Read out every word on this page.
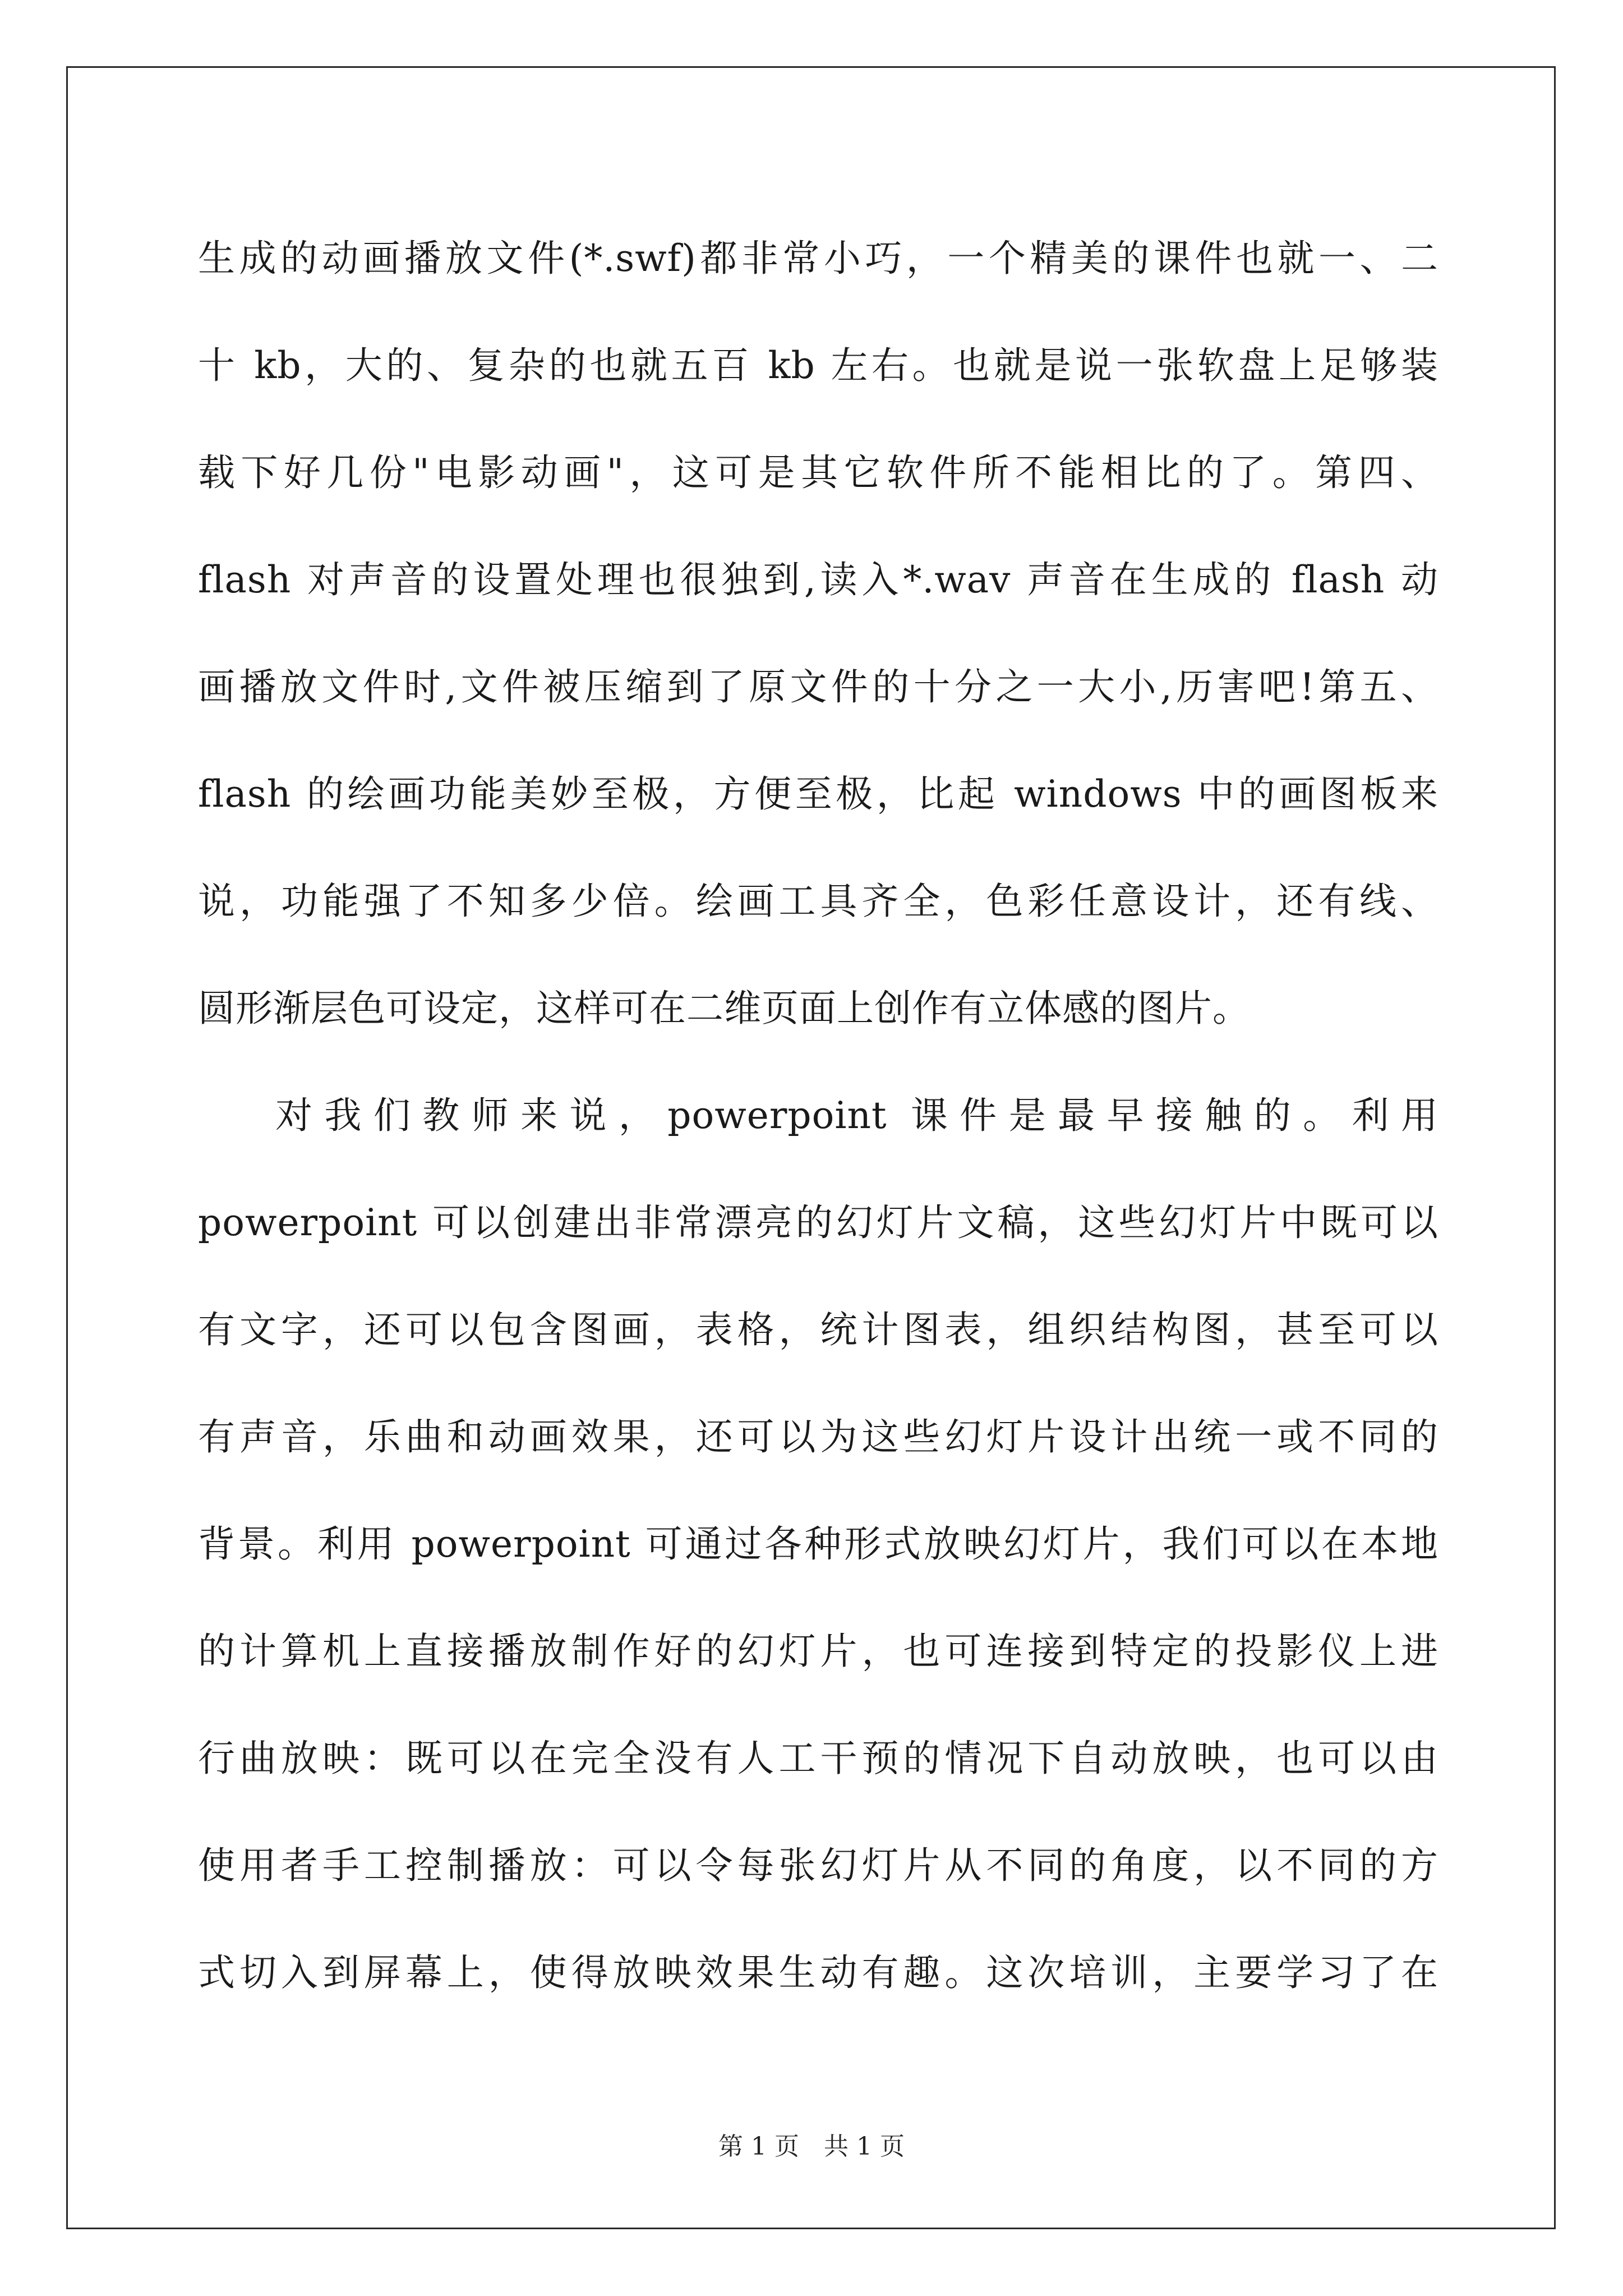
生成的动画播放文件(*.swf)都非常小巧，一个精美的课件也就一、二
十 kb，大的、复杂的也就五百 kb 左右。也就是说一张软盘上足够装
载下好几份"电影动画"，这可是其它软件所不能相比的了。第四、
flash 对声音的设置处理也很独到,读入*.wav 声音在生成的 flash 动
画播放文件时,文件被压缩到了原文件的十分之一大小,历害吧!第五、
flash 的绘画功能美妙至极，方便至极，比起 windows 中的画图板来
说，功能强了不知多少倍。绘画工具齐全，色彩任意设计，还有线、
圆形渐层色可设定，这样可在二维页面上创作有立体感的图片。
对我们教师来说，powerpoint 课件是最早接触的。利用
powerpoint 可以创建出非常漂亮的幻灯片文稿，这些幻灯片中既可以
有文字，还可以包含图画，表格，统计图表，组织结构图，甚至可以
有声音，乐曲和动画效果，还可以为这些幻灯片设计出统一或不同的
背景。利用 powerpoint 可通过各种形式放映幻灯片，我们可以在本地
的计算机上直接播放制作好的幻灯片，也可连接到特定的投影仪上进
行曲放映：既可以在完全没有人工干预的情况下自动放映，也可以由
使用者手工控制播放：可以令每张幻灯片从不同的角度，以不同的方
式切入到屏幕上，使得放映效果生动有趣。这次培训，主要学习了在
第 1 页　共 1 页
